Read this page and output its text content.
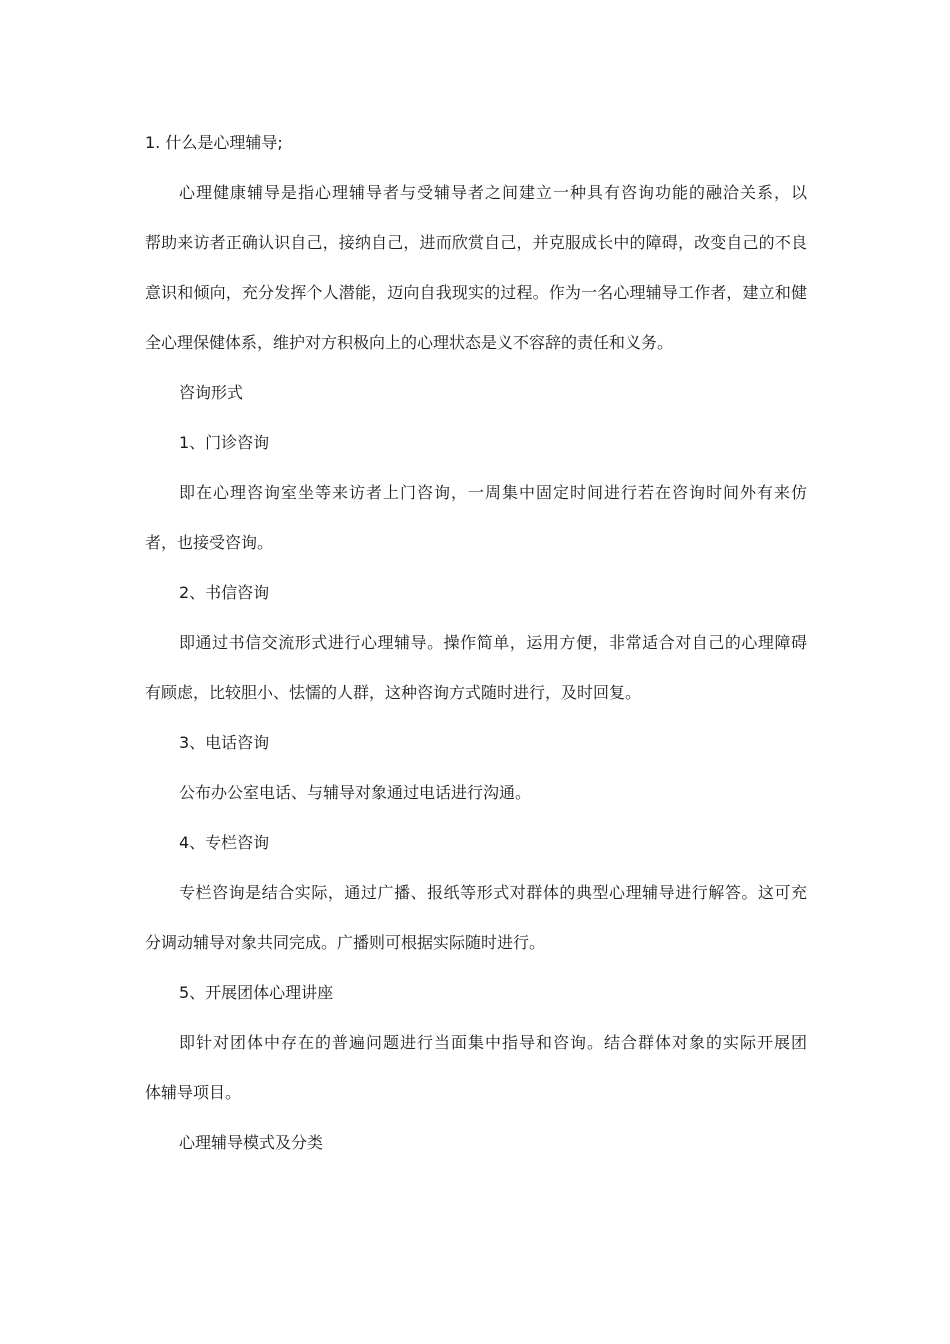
1. 什么是心理辅导;
心理健康辅导是指心理辅导者与受辅导者之间建立一种具有咨询功能的融洽关系，以
帮助来访者正确认识自己，接纳自己，进而欣赏自己，并克服成长中的障碍，改变自己的不良
意识和倾向，充分发挥个人潜能，迈向自我现实的过程。作为一名心理辅导工作者，建立和健
全心理保健体系，维护对方积极向上的心理状态是义不容辞的责任和义务。
咨询形式
1、门诊咨询
即在心理咨询室坐等来访者上门咨询，一周集中固定时间进行若在咨询时间外有来仿
者，也接受咨询。
2、书信咨询
即通过书信交流形式进行心理辅导。操作简单，运用方便，非常适合对自己的心理障碍
有顾虑，比较胆小、怯懦的人群，这种咨询方式随时进行，及时回复。
3、电话咨询
公布办公室电话、与辅导对象通过电话进行沟通。
4、专栏咨询
专栏咨询是结合实际，通过广播、报纸等形式对群体的典型心理辅导进行解答。这可充
分调动辅导对象共同完成。广播则可根据实际随时进行。
5、开展团体心理讲座
即针对团体中存在的普遍问题进行当面集中指导和咨询。结合群体对象的实际开展团
体辅导项目。
心理辅导模式及分类
